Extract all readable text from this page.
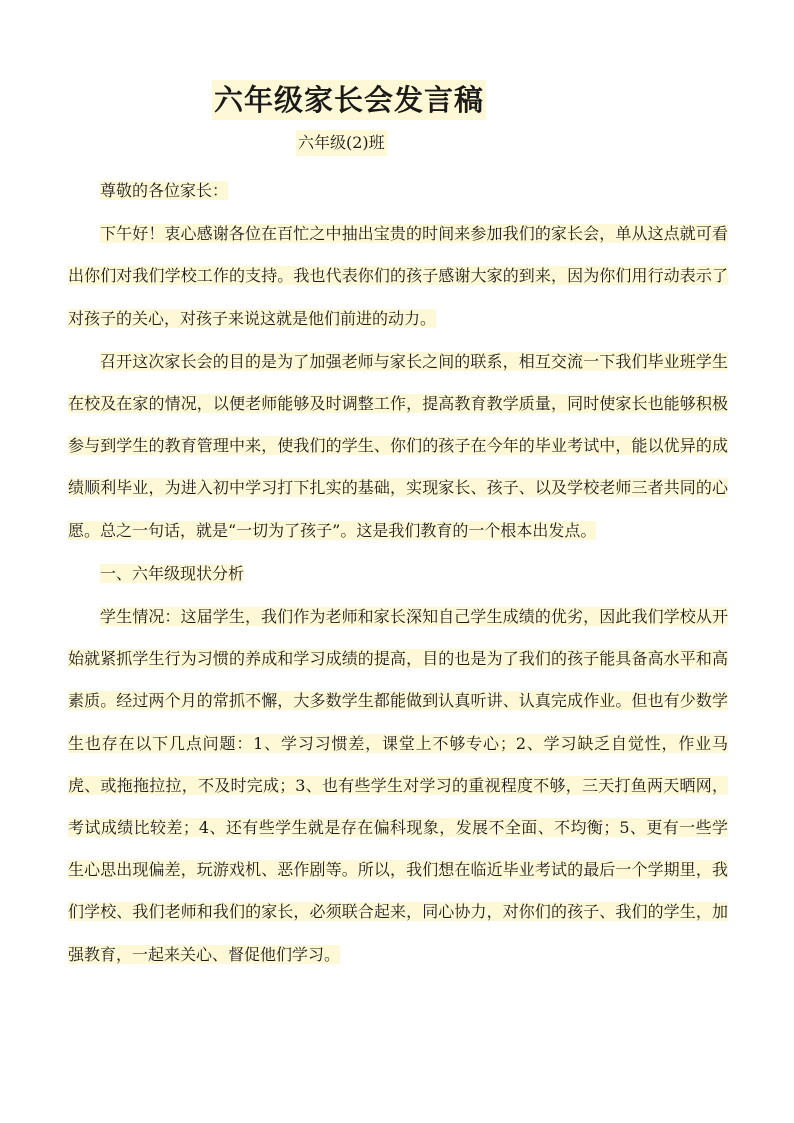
六年级家长会发言稿
六年级(2)班

尊敬的各位家长：

下午好！衷心感谢各位在百忙之中抽出宝贵的时间来参加我们的家长会，单从这点就可看出你们对我们学校工作的支持。我也代表你们的孩子感谢大家的到来，因为你们用行动表示了对孩子的关心，对孩子来说这就是他们前进的动力。

召开这次家长会的目的是为了加强老师与家长之间的联系，相互交流一下我们毕业班学生在校及在家的情况，以便老师能够及时调整工作，提高教育教学质量，同时使家长也能够积极参与到学生的教育管理中来，使我们的学生、你们的孩子在今年的毕业考试中，能以优异的成绩顺利毕业，为进入初中学习打下扎实的基础，实现家长、孩子、以及学校老师三者共同的心愿。总之一句话，就是“一切为了孩子”。这是我们教育的一个根本出发点。

一、六年级现状分析

学生情况：这届学生，我们作为老师和家长深知自己学生成绩的优劣，因此我们学校从开始就紧抓学生行为习惯的养成和学习成绩的提高，目的也是为了我们的孩子能具备高水平和高素质。经过两个月的常抓不懈，大多数学生都能做到认真听讲、认真完成作业。但也有少数学生也存在以下几点问题：1、学习习惯差，课堂上不够专心；2、学习缺乏自觉性，作业马虎、或拖拖拉拉，不及时完成；3、也有些学生对学习的重视程度不够，三天打鱼两天晒网，考试成绩比较差；4、还有些学生就是存在偏科现象，发展不全面、不均衡；5、更有一些学生心思出现偏差，玩游戏机、恶作剧等。所以，我们想在临近毕业考试的最后一个学期里，我们学校、我们老师和我们的家长，必须联合起来，同心协力，对你们的孩子、我们的学生，加强教育，一起来关心、督促他们学习。
